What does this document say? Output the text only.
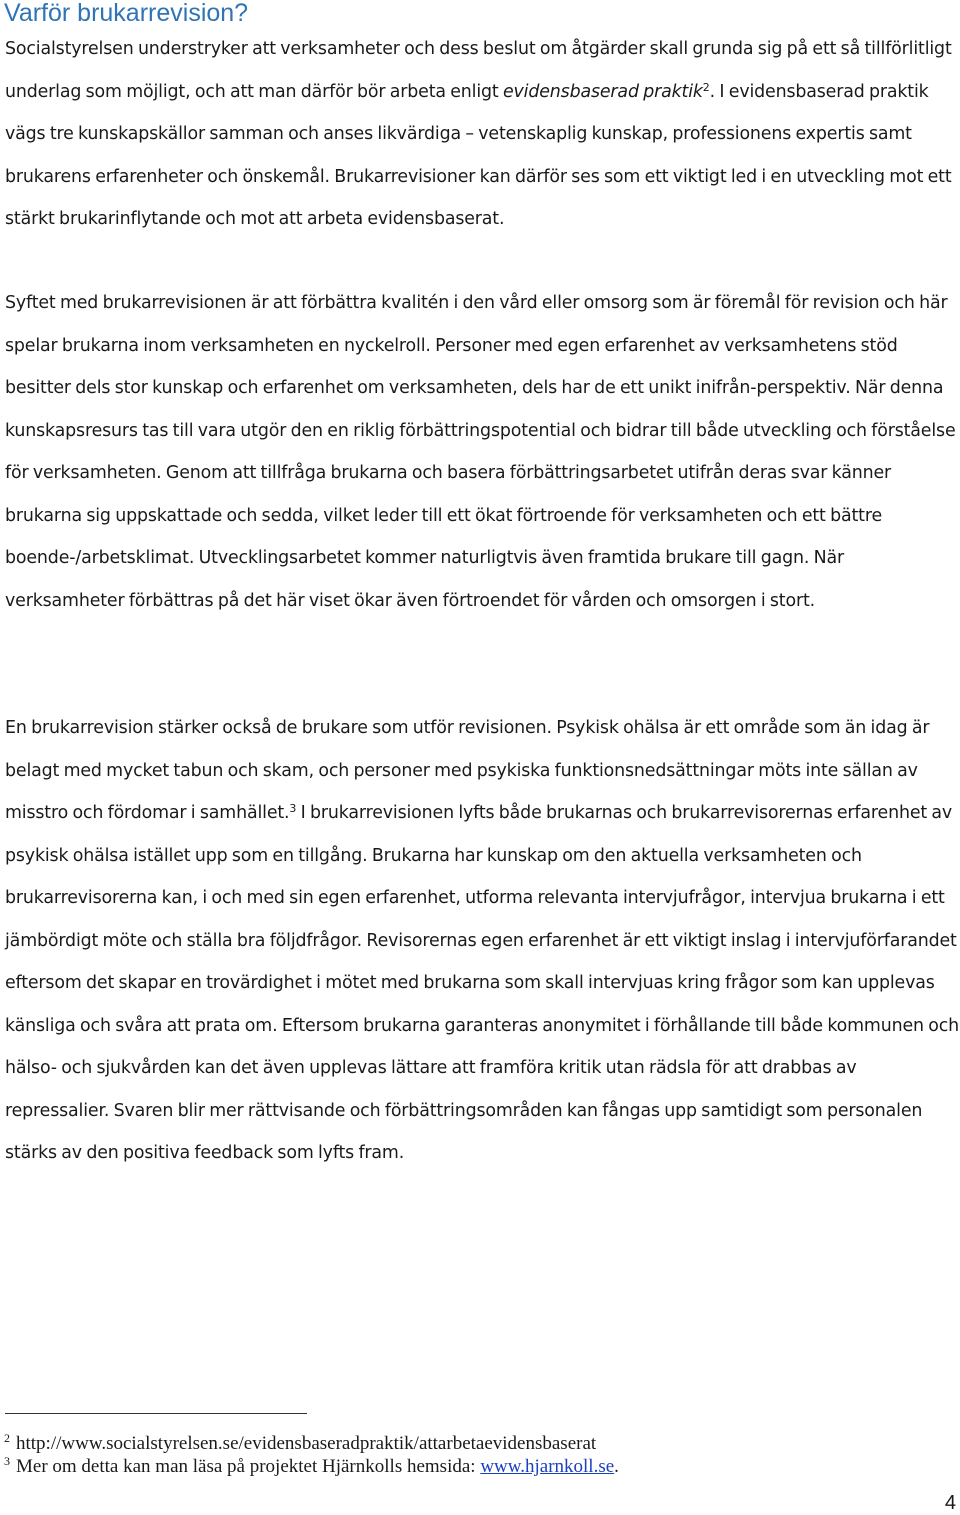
Varför brukarrevision?

Socialstyrelsen understryker att verksamheter och dess beslut om åtgärder skall grunda sig på ett så tillförlitligt underlag som möjligt, och att man därför bör arbeta enligt evidensbaserad praktik$^2$. I evidensbaserad praktik vägs tre kunskapskällor samman och anses likvärdiga – vetenskaplig kunskap, professionens expertis samt brukarens erfarenheter och önskemål. Brukarrevisioner kan därför ses som ett viktigt led i en utveckling mot ett stärkt brukarinflytande och mot att arbeta evidensbaserat.

Syftet med brukarrevisionen är att förbättra kvalitén i den vård eller omsorg som är föremål för revision och här spelar brukarna inom verksamheten en nyckelroll. Personer med egen erfarenhet av verksamhetens stöd besitter dels stor kunskap och erfarenhet om verksamheten, dels har de ett unikt inifrån-perspektiv. När denna kunskapsresurs tas till vara utgör den en riklig förbättringspotential och bidrar till både utveckling och förståelse för verksamheten. Genom att tillfråga brukarna och basera förbättringsarbetet utifrån deras svar känner brukarna sig uppskattade och sedda, vilket leder till ett ökat förtroende för verksamheten och ett bättre boende-/arbetsklimat. Utvecklingsarbetet kommer naturligtvis även framtida brukare till gagn. När verksamheter förbättras på det här viset ökar även förtroendet för vården och omsorgen i stort.

En brukarrevision stärker också de brukare som utför revisionen. Psykisk ohälsa är ett område som än idag är belagt med mycket tabun och skam, och personer med psykiska funktionsnedsättningar möts inte sällan av misstro och fördomar i samhället.$^3$ I brukarrevisionen lyfts både brukarnas och brukarrevisorernas erfarenhet av psykisk ohälsa istället upp som en tillgång. Brukarna har kunskap om den aktuella verksamheten och brukarrevisorerna kan, i och med sin egen erfarenhet, utforma relevanta intervjufrågor, intervjua brukarna i ett jämbördigt möte och ställa bra följdfrågor. Revisorernas egen erfarenhet är ett viktigt inslag i intervjuförfarandet eftersom det skapar en trovärdighet i mötet med brukarna som skall intervjuas kring frågor som kan upplevas känsliga och svåra att prata om. Eftersom brukarna garanteras anonymitet i förhållande till både kommunen och hälso- och sjukvården kan det även upplevas lättare att framföra kritik utan rädsla för att drabbas av repressalier. Svaren blir mer rättvisande och förbättringsområden kan fångas upp samtidigt som personalen stärks av den positiva feedback som lyfts fram.

$^2$ http://www.socialstyrelsen.se/evidensbaseradpraktik/attarbetaevidensbaserat

$^3$ Mer om detta kan man läsa på projektet Hjärnkolls hemsida: www.hjarnkoll.se.

4
